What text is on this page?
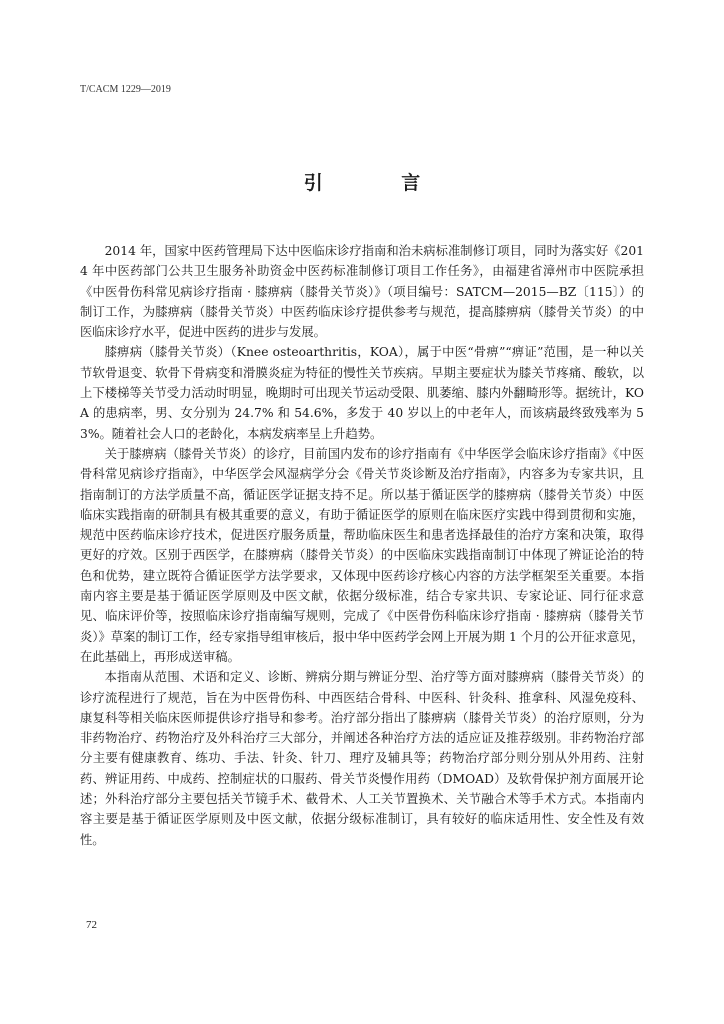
T/CACM 1229—2019
引 言

2014 年，国家中医药管理局下达中医临床诊疗指南和治未病标准制修订项目，同时为落实好《2014 年中医药部门公共卫生服务补助资金中医药标准制修订项目工作任务》，由福建省漳州市中医院承担《中医骨伤科常见病诊疗指南 · 膝痹病（膝骨关节炎）》（项目编号：SATCM—2015—BZ〔115〕）的制订工作，为膝痹病（膝骨关节炎）中医药临床诊疗提供参考与规范，提高膝痹病（膝骨关节炎）的中医临床诊疗水平，促进中医药的进步与发展。

膝痹病（膝骨关节炎）（Knee osteoarthritis，KOA），属于中医“骨痹”“痹证”范围，是一种以关节软骨退变、软骨下骨病变和滑膜炎症为特征的慢性关节疾病。早期主要症状为膝关节疼痛、酸软，以上下楼梯等关节受力活动时明显，晚期时可出现关节运动受限、肌萎缩、膝内外翻畸形等。据统计，KOA 的患病率，男、女分别为 24.7% 和 54.6%，多发于 40 岁以上的中老年人，而该病最终致残率为 53%。随着社会人口的老龄化，本病发病率呈上升趋势。

关于膝痹病（膝骨关节炎）的诊疗，目前国内发布的诊疗指南有《中华医学会临床诊疗指南》《中医骨科常见病诊疗指南》，中华医学会风湿病学分会《骨关节炎诊断及治疗指南》，内容多为专家共识，且指南制订的方法学质量不高，循证医学证据支持不足。所以基于循证医学的膝痹病（膝骨关节炎）中医临床实践指南的研制具有极其重要的意义，有助于循证医学的原则在临床医疗实践中得到贯彻和实施，规范中医药临床诊疗技术，促进医疗服务质量，帮助临床医生和患者选择最佳的治疗方案和决策，取得更好的疗效。区别于西医学，在膝痹病（膝骨关节炎）的中医临床实践指南制订中体现了辨证论治的特色和优势，建立既符合循证医学方法学要求，又体现中医药诊疗核心内容的方法学框架至关重要。本指南内容主要是基于循证医学原则及中医文献，依据分级标准，结合专家共识、专家论证、同行征求意见、临床评价等，按照临床诊疗指南编写规则，完成了《中医骨伤科临床诊疗指南 · 膝痹病（膝骨关节炎）》草案的制订工作，经专家指导组审核后，报中华中医药学会网上开展为期 1 个月的公开征求意见，在此基础上，再形成送审稿。

本指南从范围、术语和定义、诊断、辨病分期与辨证分型、治疗等方面对膝痹病（膝骨关节炎）的诊疗流程进行了规范，旨在为中医骨伤科、中西医结合骨科、中医科、针灸科、推拿科、风湿免疫科、康复科等相关临床医师提供诊疗指导和参考。治疗部分指出了膝痹病（膝骨关节炎）的治疗原则，分为非药物治疗、药物治疗及外科治疗三大部分，并阐述各种治疗方法的适应证及推荐级别。非药物治疗部分主要有健康教育、练功、手法、针灸、针刀、理疗及辅具等；药物治疗部分则分别从外用药、注射药、辨证用药、中成药、控制症状的口服药、骨关节炎慢作用药（DMOAD）及软骨保护剂方面展开论述；外科治疗部分主要包括关节镜手术、截骨术、人工关节置换术、关节融合术等手术方式。本指南内容主要是基于循证医学原则及中医文献，依据分级标准制订，具有较好的临床适用性、安全性及有效性。

72
